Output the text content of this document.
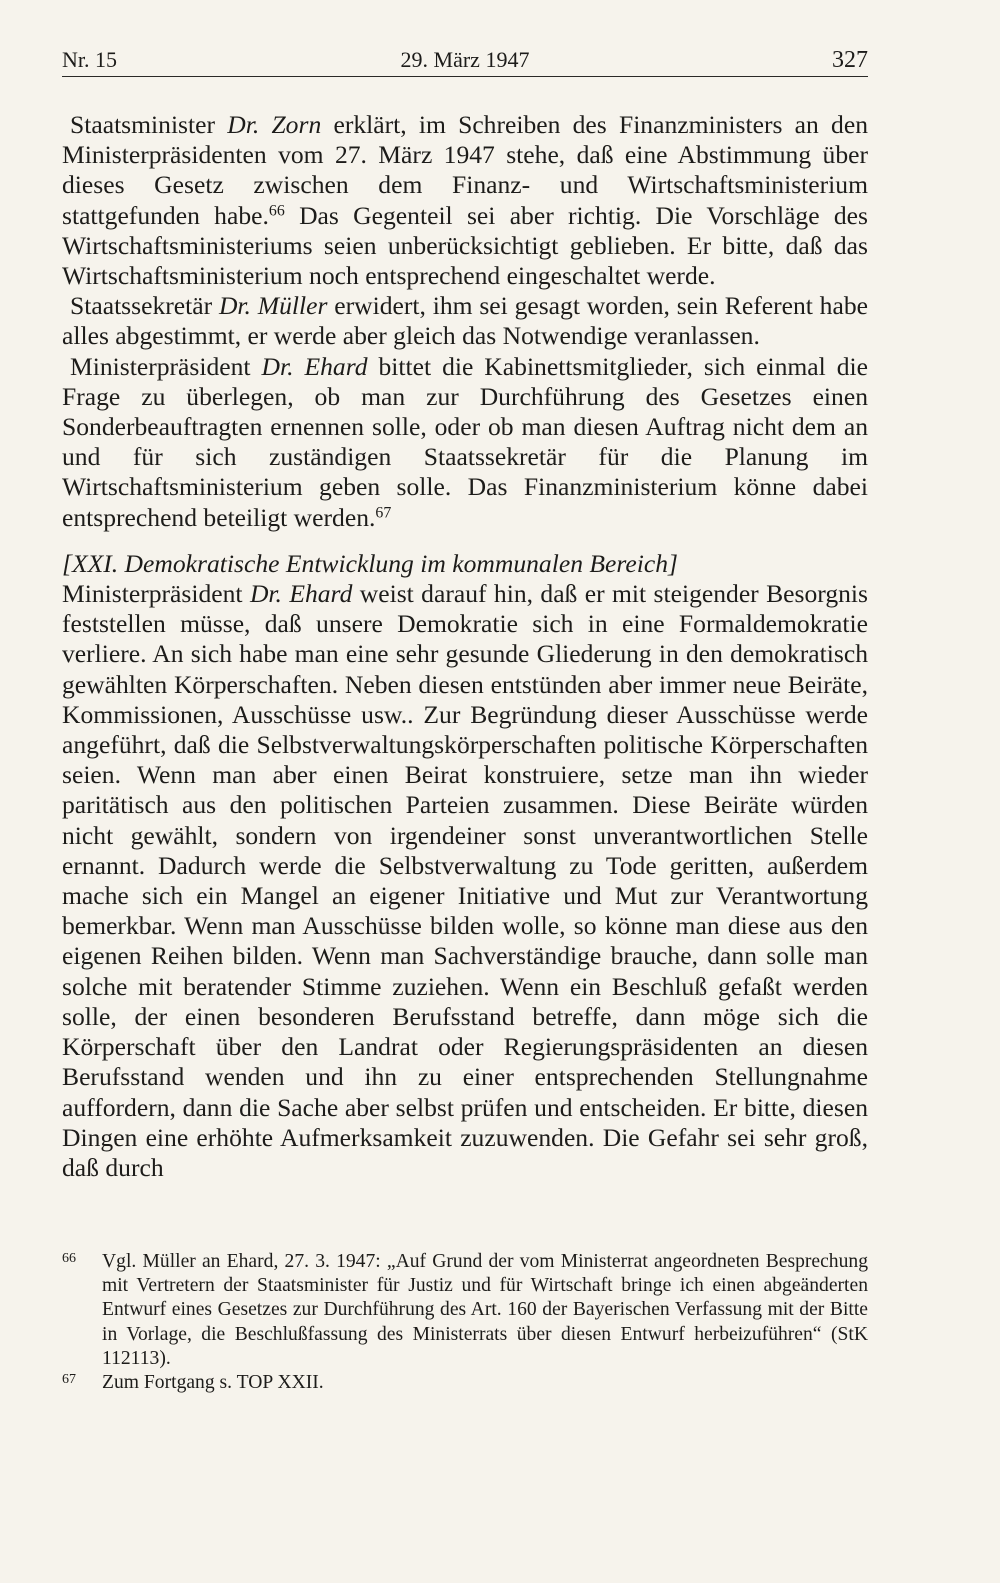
Nr. 15	29. März 1947	327

Staatsminister Dr. Zorn erklärt, im Schreiben des Finanzministers an den Ministerpräsidenten vom 27. März 1947 stehe, daß eine Abstimmung über dieses Gesetz zwischen dem Finanz- und Wirtschaftsministerium stattgefunden habe.$^{66}$ Das Gegenteil sei aber richtig. Die Vorschläge des Wirtschaftsministeriums seien unberücksichtigt geblieben. Er bitte, daß das Wirtschaftsministerium noch entsprechend eingeschaltet werde.

Staatssekretär Dr. Müller erwidert, ihm sei gesagt worden, sein Referent habe alles abgestimmt, er werde aber gleich das Notwendige veranlassen.

Ministerpräsident Dr. Ehard bittet die Kabinettsmitglieder, sich einmal die Frage zu überlegen, ob man zur Durchführung des Gesetzes einen Sonderbeauftragten ernennen solle, oder ob man diesen Auftrag nicht dem an und für sich zuständigen Staatssekretär für die Planung im Wirtschaftsministerium geben solle. Das Finanzministerium könne dabei entsprechend beteiligt werden.$^{67}$

[XXI. Demokratische Entwicklung im kommunalen Bereich]

Ministerpräsident Dr. Ehard weist darauf hin, daß er mit steigender Besorgnis feststellen müsse, daß unsere Demokratie sich in eine Formaldemokratie verliere. An sich habe man eine sehr gesunde Gliederung in den demokratisch gewählten Körperschaften. Neben diesen entstünden aber immer neue Beiräte, Kommissionen, Ausschüsse usw.. Zur Begründung dieser Ausschüsse werde angeführt, daß die Selbstverwaltungskörperschaften politische Körperschaften seien. Wenn man aber einen Beirat konstruiere, setze man ihn wieder paritätisch aus den politischen Parteien zusammen. Diese Beiräte würden nicht gewählt, sondern von irgendeiner sonst unverantwortlichen Stelle ernannt. Dadurch werde die Selbstverwaltung zu Tode geritten, außerdem mache sich ein Mangel an eigener Initiative und Mut zur Verantwortung bemerkbar. Wenn man Ausschüsse bilden wolle, so könne man diese aus den eigenen Reihen bilden. Wenn man Sachverständige brauche, dann solle man solche mit beratender Stimme zuziehen. Wenn ein Beschluß gefaßt werden solle, der einen besonderen Berufsstand betreffe, dann möge sich die Körperschaft über den Landrat oder Regierungspräsidenten an diesen Berufsstand wenden und ihn zu einer entsprechenden Stellungnahme auffordern, dann die Sache aber selbst prüfen und entscheiden. Er bitte, diesen Dingen eine erhöhte Aufmerksamkeit zuzuwenden. Die Gefahr sei sehr groß, daß durch

66 Vgl. Müller an Ehard, 27. 3. 1947: „Auf Grund der vom Ministerrat angeordneten Besprechung mit Vertretern der Staatsminister für Justiz und für Wirtschaft bringe ich einen abgeänderten Entwurf eines Gesetzes zur Durchführung des Art. 160 der Bayerischen Verfassung mit der Bitte in Vorlage, die Beschlußfassung des Ministerrats über diesen Entwurf herbeizuführen“ (StK 112113).

67 Zum Fortgang s. TOP XXII.
